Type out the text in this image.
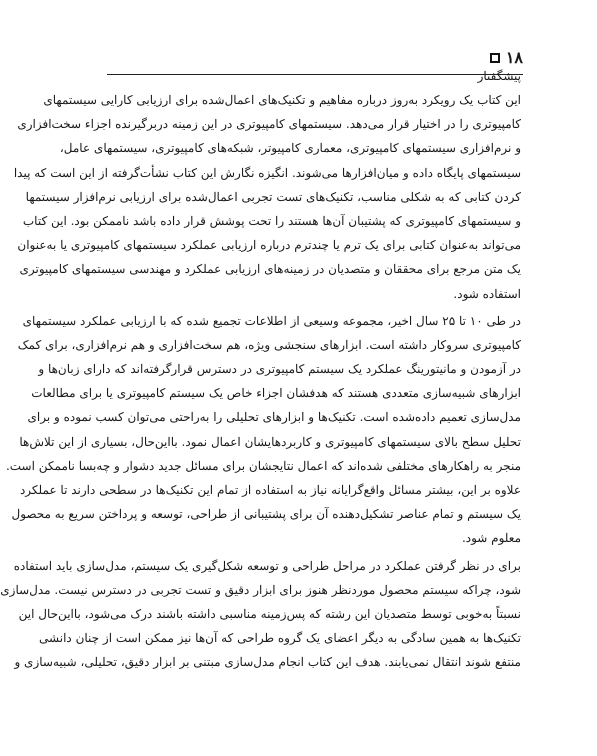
۱۸
پیشگفتار
این کتاب یک رویکرد به‌روز درباره مفاهیم و تکنیک‌های اعمال‌شده برای ارزیابی کارایی سیستمهای
کامپیوتری را در اختیار قرار می‌دهد. سیستمهای کامپیوتری در این زمینه دربرگیرنده اجزاء سخت‌افزاری
و نرم‌افزاری سیستمهای کامپیوتری، معماری کامپیوتر، شبکه‌های کامپیوتری، سیستمهای عامل،
سیستمهای پایگاه داده و میان‌افزارها می‌شوند. انگیزه نگارش این کتاب نشأت‌گرفته از این است که پیدا
کردن کتابی که به شکلی مناسب، تکنیک‌های تست تجربی اعمال‌شده برای ارزیابی نرم‌افزار سیستمها
و سیستمهای کامپیوتری که پشتیبان آن‌ها هستند را تحت پوشش قرار داده باشد ناممکن بود. این کتاب
می‌تواند به‌عنوان کتابی برای یک ترم یا چندترم درباره ارزیابی عملکرد سیستمهای کامپیوتری یا به‌عنوان
یک متن مرجع برای محققان و متصدیان در زمینه‌های ارزیابی عملکرد و مهندسی سیستمهای کامپیوتری
استفاده شود.
در طی ۱۰ تا ۲۵ سال اخیر، مجموعه وسیعی از اطلاعات تجمیع شده که با ارزیابی عملکرد سیستمهای
کامپیوتری سروکار داشته است. ابزارهای سنجشی ویژه، هم سخت‌افزاری و هم نرم‌افزاری، برای کمک
در آزمودن و مانیتورینگ عملکرد یک سیستم کامپیوتری در دسترس قرارگرفته‌اند که دارای زبان‌ها و
ابزارهای شبیه‌سازی متعددی هستند که هدفشان اجزاء خاص یک سیستم کامپیوتری یا برای مطالعات
مدل‌سازی تعمیم داده‌شده است. تکنیک‌ها و ابزارهای تحلیلی را به‌راحتی می‌توان کسب نموده و برای
تحلیل سطح بالای سیستمهای کامپیوتری و کاربردهایشان اعمال نمود. بااین‌حال، بسیاری از این تلاش‌ها
منجر به راهکارهای مختلفی شده‌اند که اعمال نتایجشان برای مسائل جدید دشوار و چه‌بسا ناممکن است.
علاوه بر این، بیشتر مسائل واقع‌گرایانه نیاز به استفاده از تمام این تکنیک‌ها در سطحی دارند تا عملکرد
یک سیستم و تمام عناصر تشکیل‌دهنده آن برای پشتیبانی از طراحی، توسعه و پرداختن سریع به محصول
معلوم شود.
برای در نظر گرفتن عملکرد در مراحل طراحی و توسعه شکل‌گیری یک سیستم، مدل‌سازی باید استفاده
شود، چراکه سیستم محصول موردنظر هنوز برای ابزار دقیق و تست تجربی در دسترس نیست. مدل‌سازی
نسبتاً به‌خوبی توسط متصدیان این رشته که پس‌زمینه مناسبی داشته باشند درک می‌شود، بااین‌حال این
تکنیک‌ها به همین سادگی به دیگر اعضای یک گروه طراحی که آن‌ها نیز ممکن است از چنان دانشی
منتفع شوند انتقال نمی‌یابند. هدف این کتاب انجام مدل‌سازی مبتنی بر ابزار دقیق، تحلیلی، شبیه‌سازی و
